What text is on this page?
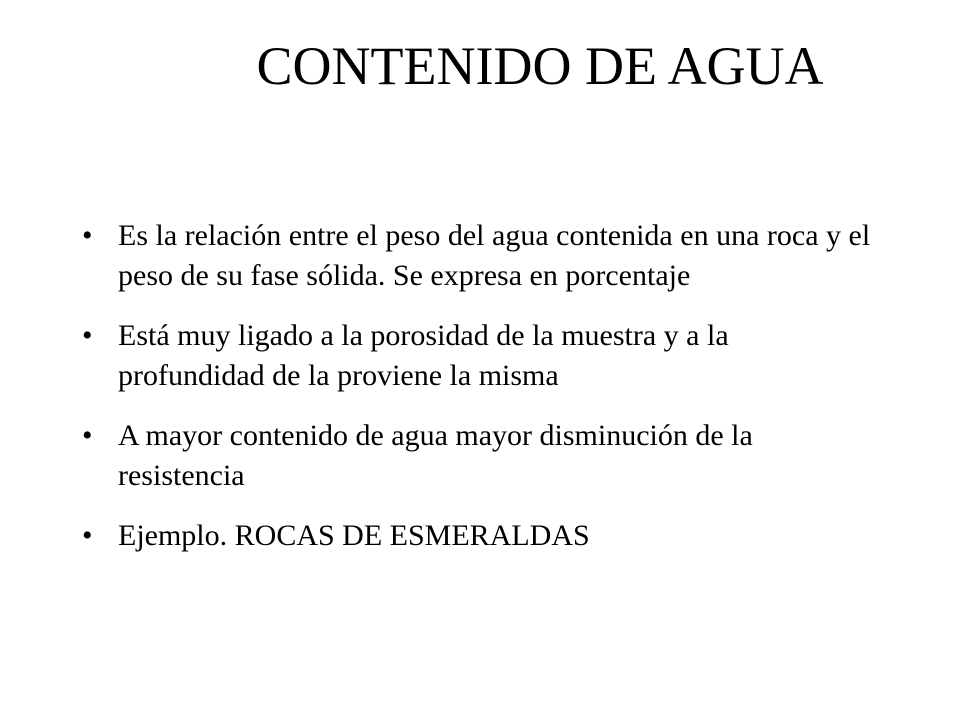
CONTENIDO DE AGUA
• Es la relación entre el peso del agua contenida en una roca y el peso de su fase sólida. Se expresa en porcentaje
• Está muy ligado a la porosidad de la muestra y a la profundidad de la proviene la misma
• A mayor contenido de agua mayor disminución de la resistencia
• Ejemplo. ROCAS DE ESMERALDAS
